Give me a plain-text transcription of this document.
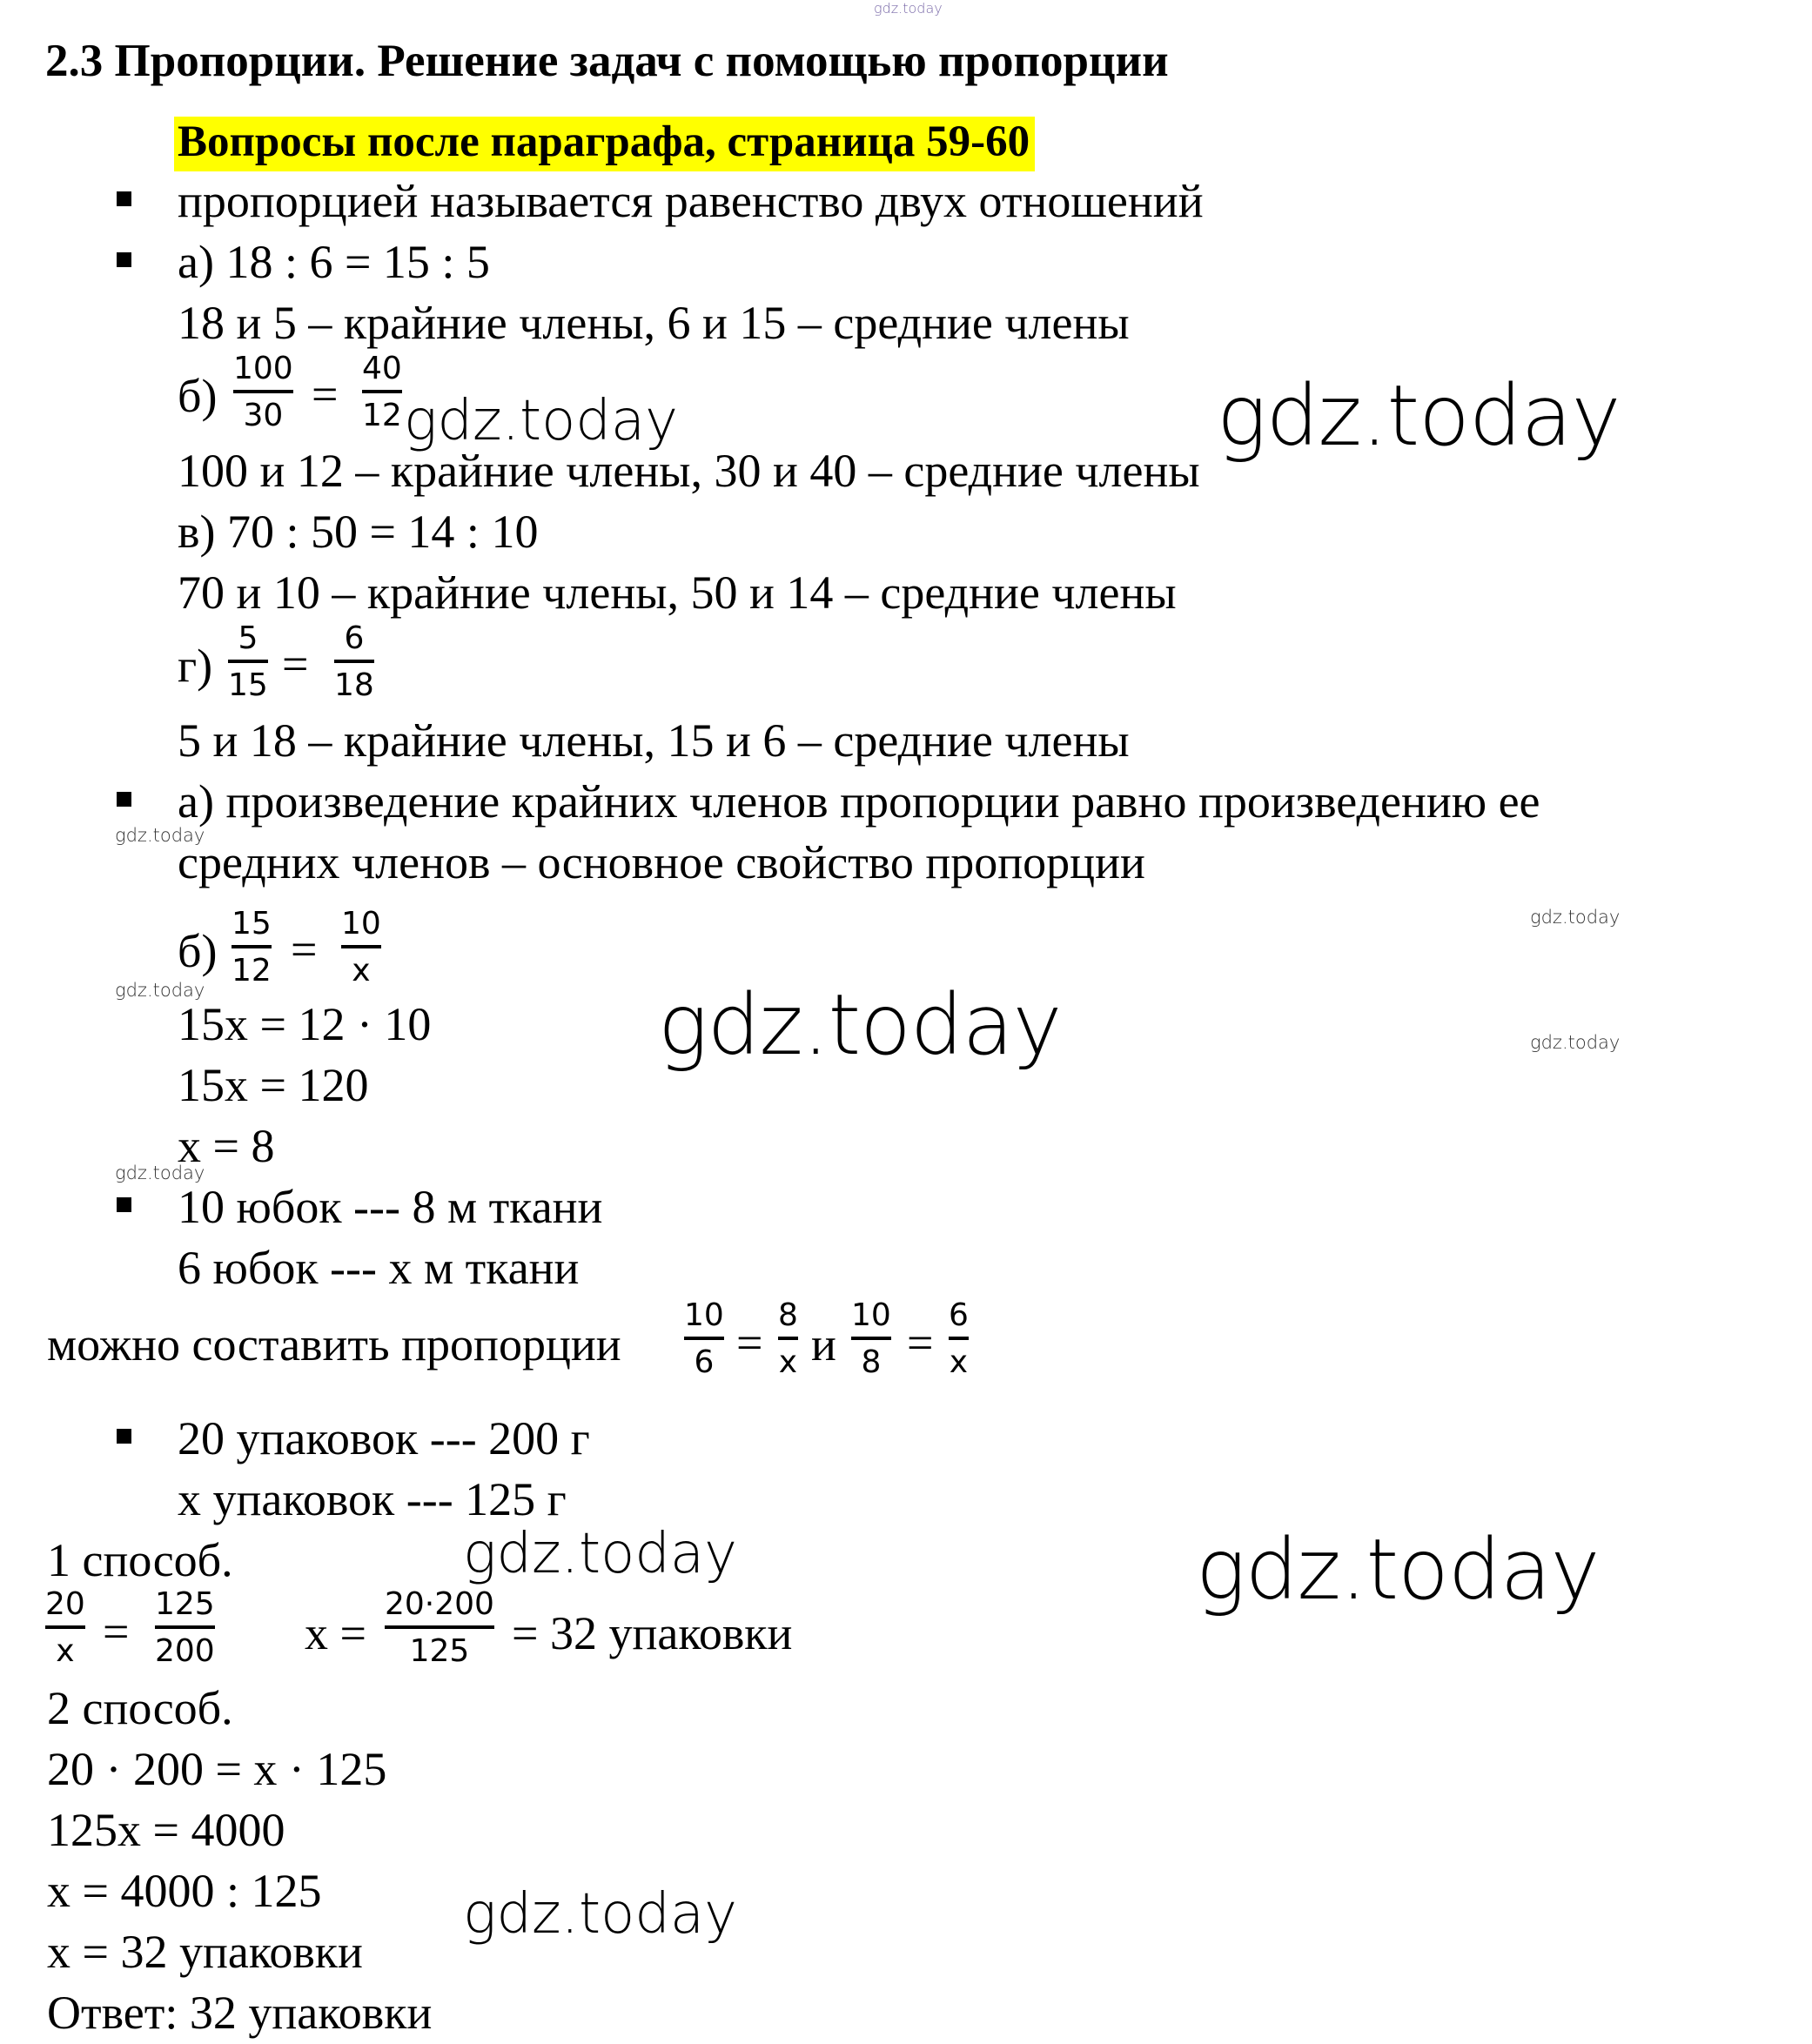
gdz.today
2.3 Пропорции. Решение задач с помощью пропорции
Вопросы после параграфа, страница 59-60
пропорцией называется равенство двух отношений
а) 18 : 6 = 15 : 5
18 и 5 – крайние члены, 6 и 15 – средние члены
б)
100
30 = 40
12
100 и 12 – крайние члены, 30 и 40 – средние члены
в) 70 : 50 = 14 : 10
70 и 10 – крайние члены, 50 и 14 – средние члены
г)
5
15 = 6
18
5 и 18 – крайние члены, 15 и 6 – средние члены
а) произведение крайних членов пропорции равно произведению ее
средних членов – основное свойство пропорции
б)
15
12 = 10
x
15x = 12 · 10
15x = 120
x = 8
10 юбок --- 8 м ткани
6 юбок --- x м ткани
можно составить пропорции
10
6 =
8
x и
10
8 =
6
x
20 упаковок --- 200 г
x упаковок --- 125 г
1 способ.
20
x =
125
200 x =
20·200
125 = 32 упаковки
2 способ.
20 · 200 = x · 125
125x = 4000
x = 4000 : 125
x = 32 упаковки
Ответ: 32 упаковки
gdz.today	gdz.today
gdz.today
gdz.today
gdz.today	gdz.today	gdz.today
gdz.today
gdz.today	gdz.today
gdz.today
